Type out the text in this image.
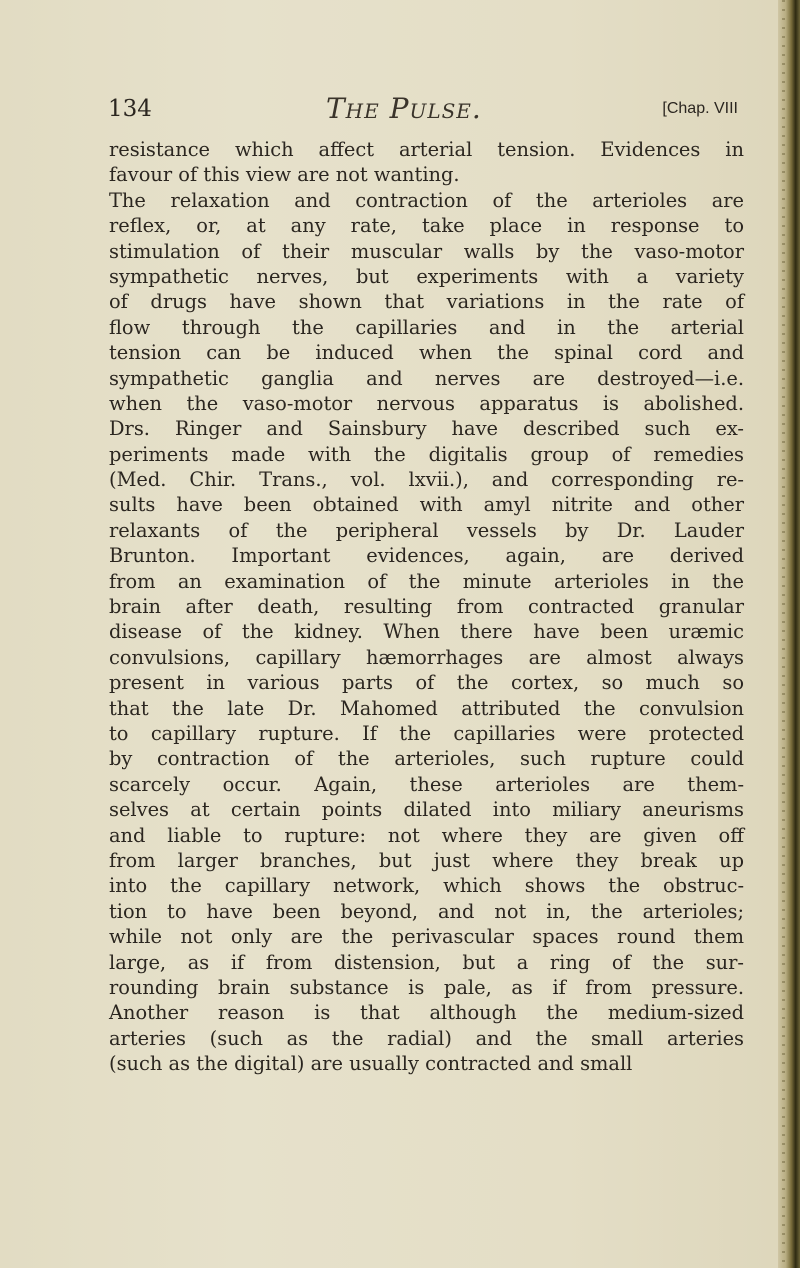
134	The Pulse.	[Chap. VIII
resistance which affect arterial tension. Evidences in
favour of this view are not wanting.
The relaxation and contraction of the arterioles are
reflex, or, at any rate, take place in response to
stimulation of their muscular walls by the vaso-motor
sympathetic nerves, but experiments with a variety
of drugs have shown that variations in the rate of
flow through the capillaries and in the arterial
tension can be induced when the spinal cord and
sympathetic ganglia and nerves are destroyed—i.e.
when the vaso-motor nervous apparatus is abolished.
Drs. Ringer and Sainsbury have described such ex-
periments made with the digitalis group of remedies
(Med. Chir. Trans., vol. lxvii.), and corresponding re-
sults have been obtained with amyl nitrite and other
relaxants of the peripheral vessels by Dr. Lauder
Brunton. Important evidences, again, are derived
from an examination of the minute arterioles in the
brain after death, resulting from contracted granular
disease of the kidney. When there have been uræmic
convulsions, capillary hæmorrhages are almost always
present in various parts of the cortex, so much so
that the late Dr. Mahomed attributed the convulsion
to capillary rupture. If the capillaries were protected
by contraction of the arterioles, such rupture could
scarcely occur. Again, these arterioles are them-
selves at certain points dilated into miliary aneurisms
and liable to rupture: not where they are given off
from larger branches, but just where they break up
into the capillary network, which shows the obstruc-
tion to have been beyond, and not in, the arterioles;
while not only are the perivascular spaces round them
large, as if from distension, but a ring of the sur-
rounding brain substance is pale, as if from pressure.
Another reason is that although the medium-sized
arteries (such as the radial) and the small arteries
(such as the digital) are usually contracted and small
